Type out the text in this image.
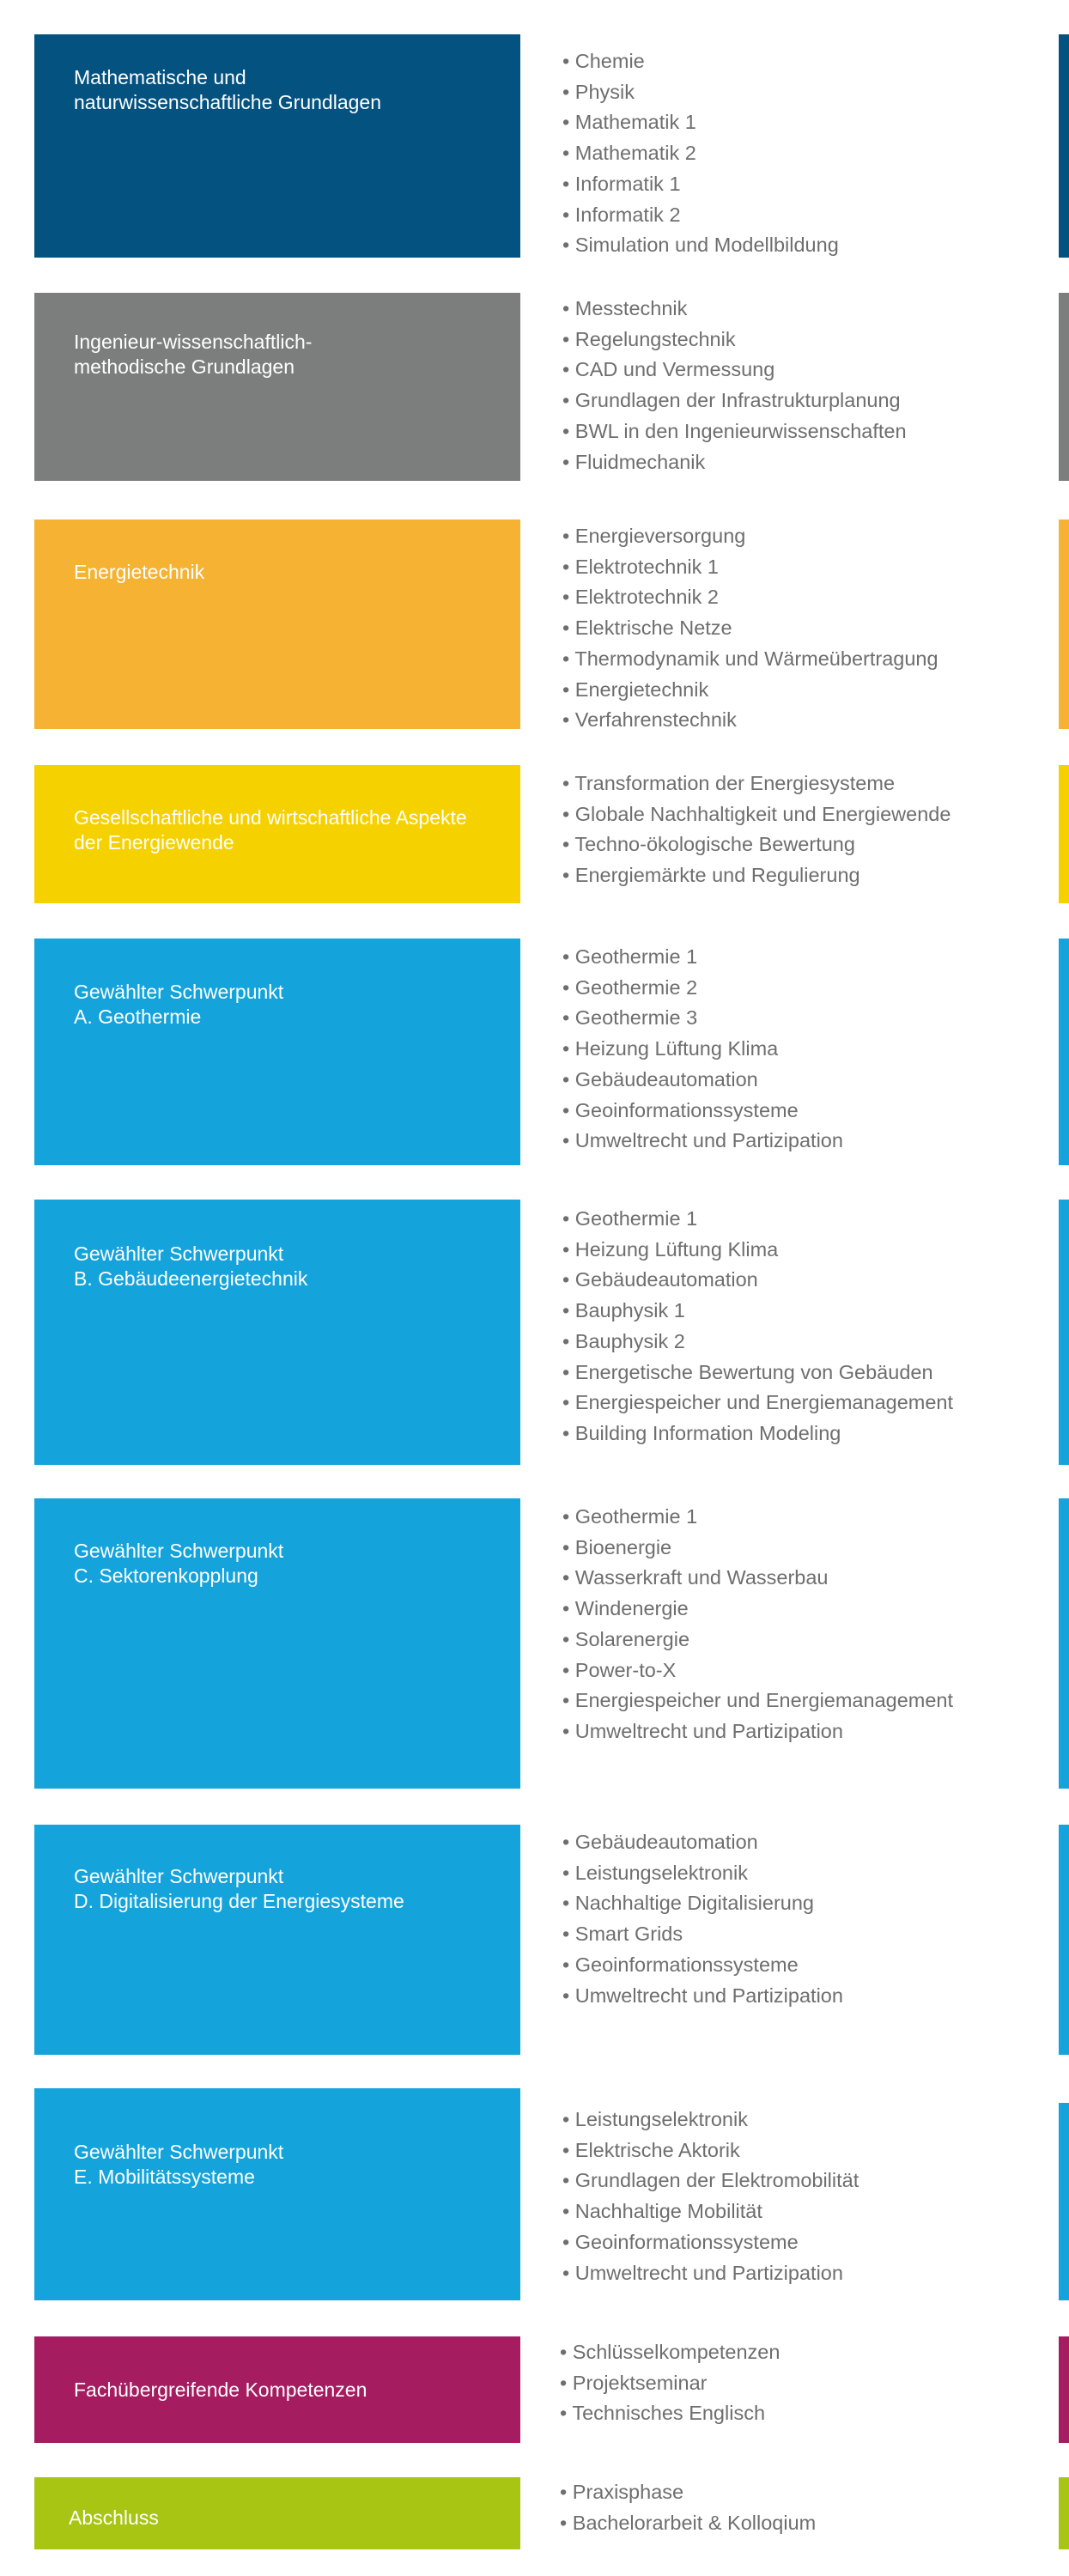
Mathematische und
naturwissenschaftliche Grundlagen
• Chemie
• Physik
• Mathematik 1
• Mathematik 2
• Informatik 1
• Informatik 2
• Simulation und Modellbildung
Ingenieur-wissenschaftlich-
methodische Grundlagen
• Messtechnik
• Regelungstechnik
• CAD und Vermessung
• Grundlagen der Infrastrukturplanung
• BWL in den Ingenieurwissenschaften
• Fluidmechanik
Energietechnik
• Energieversorgung
• Elektrotechnik 1
• Elektrotechnik 2
• Elektrische Netze
• Thermodynamik und Wärmeübertragung
• Energietechnik
• Verfahrenstechnik
Gesellschaftliche und wirtschaftliche Aspekte
der Energiewende
• Transformation der Energiesysteme
• Globale Nachhaltigkeit und Energiewende
• Techno-ökologische Bewertung
• Energiemärkte und Regulierung
Gewählter Schwerpunkt
A. Geothermie
• Geothermie 1
• Geothermie 2
• Geothermie 3
• Heizung Lüftung Klima
• Gebäudeautomation
• Geoinformationssysteme
• Umweltrecht und Partizipation
Gewählter Schwerpunkt
B. Gebäudeenergietechnik
• Geothermie 1
• Heizung Lüftung Klima
• Gebäudeautomation
• Bauphysik 1
• Bauphysik 2
• Energetische Bewertung von Gebäuden
• Energiespeicher und Energiemanagement
• Building Information Modeling
Gewählter Schwerpunkt
C. Sektorenkopplung
• Geothermie 1
• Bioenergie
• Wasserkraft und Wasserbau
• Windenergie
• Solarenergie
• Power-to-X
• Energiespeicher und Energiemanagement
• Umweltrecht und Partizipation
Gewählter Schwerpunkt
D. Digitalisierung der Energiesysteme
• Gebäudeautomation
• Leistungselektronik
• Nachhaltige Digitalisierung
• Smart Grids
• Geoinformationssysteme
• Umweltrecht und Partizipation
Gewählter Schwerpunkt
E. Mobilitätssysteme
• Leistungselektronik
• Elektrische Aktorik
• Grundlagen der Elektromobilität
• Nachhaltige Mobilität
• Geoinformationssysteme
• Umweltrecht und Partizipation
Fachübergreifende Kompetenzen
• Schlüsselkompetenzen
• Projektseminar
• Technisches Englisch
Abschluss
• Praxisphase
• Bachelorarbeit & Kolloqium
